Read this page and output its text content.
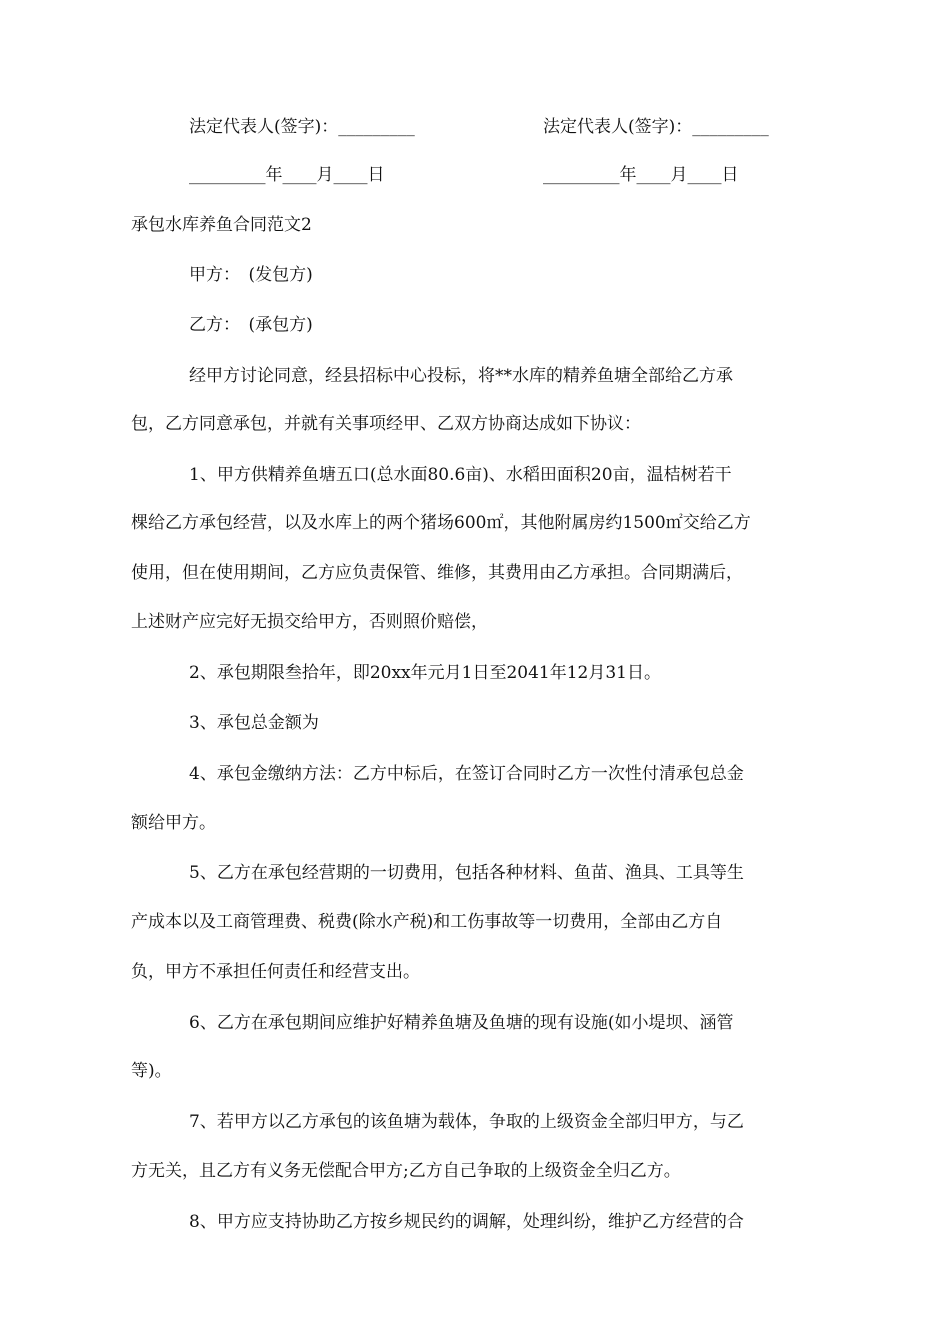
法定代表人(签字)：_________	法定代表人(签字)：_________
_________年____月____日	_________年____月____日
承包水库养鱼合同范文2
甲方：　(发包方)
乙方：　(承包方)
经甲方讨论同意，经县招标中心投标，将**水库的精养鱼塘全部给乙方承
包，乙方同意承包，并就有关事项经甲、乙双方协商达成如下协议：
1、甲方供精养鱼塘五口(总水面80.6亩)、水稻田面积20亩，温桔树若干
棵给乙方承包经营，以及水库上的两个猪场600㎡，其他附属房约1500㎡交给乙方
使用，但在使用期间，乙方应负责保管、维修，其费用由乙方承担。合同期满后，
上述财产应完好无损交给甲方，否则照价赔偿，
2、承包期限叁拾年，即20xx年元月1日至2041年12月31日。
3、承包总金额为
4、承包金缴纳方法：乙方中标后，在签订合同时乙方一次性付清承包总金
额给甲方。
5、乙方在承包经营期的一切费用，包括各种材料、鱼苗、渔具、工具等生
产成本以及工商管理费、税费(除水产税)和工伤事故等一切费用，全部由乙方自
负，甲方不承担任何责任和经营支出。
6、乙方在承包期间应维护好精养鱼塘及鱼塘的现有设施(如小堤坝、涵管
等)。
7、若甲方以乙方承包的该鱼塘为载体，争取的上级资金全部归甲方，与乙
方无关，且乙方有义务无偿配合甲方;乙方自己争取的上级资金全归乙方。
8、甲方应支持协助乙方按乡规民约的调解，处理纠纷，维护乙方经营的合
